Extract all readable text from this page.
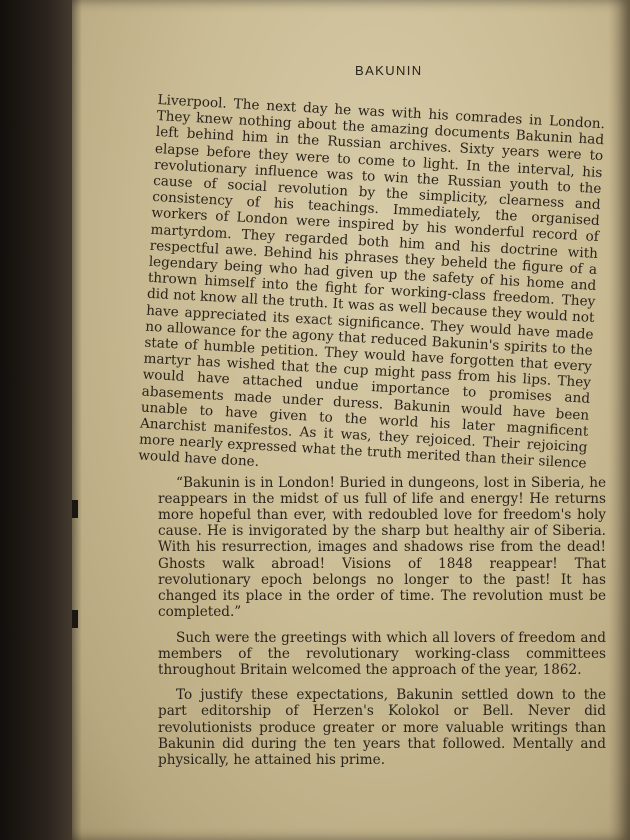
BAKUNIN

Liverpool. The next day he was with his comrades in London. They knew nothing about the amazing documents Bakunin had left behind him in the Russian archives. Sixty years were to elapse before they were to come to light. In the interval, his revolutionary influence was to win the Russian youth to the cause of social revolution by the simplicity, clearness and consistency of his teachings. Immediately, the organised workers of London were inspired by his wonderful record of martyrdom. They regarded both him and his doctrine with respectful awe. Behind his phrases they beheld the figure of a legendary being who had given up the safety of his home and thrown himself into the fight for working-class freedom. They did not know all the truth. It was as well because they would not have appreciated its exact significance. They would have made no allowance for the agony that reduced Bakunin's spirits to the state of humble petition. They would have forgotten that every martyr has wished that the cup might pass from his lips. They would have attached undue importance to promises and abasements made under duress. Bakunin would have been unable to have given to the world his later magnificent Anarchist manifestos. As it was, they rejoiced. Their rejoicing more nearly expressed what the truth merited than their silence would have done.

“Bakunin is in London! Buried in dungeons, lost in Siberia, he reappears in the midst of us full of life and energy! He returns more hopeful than ever, with redoubled love for freedom's holy cause. He is invigorated by the sharp but healthy air of Siberia. With his resurrection, images and shadows rise from the dead! Ghosts walk abroad! Visions of 1848 reappear! That revolutionary epoch belongs no longer to the past! It has changed its place in the order of time. The revolution must be completed.”

Such were the greetings with which all lovers of freedom and members of the revolutionary working-class committees throughout Britain welcomed the approach of the year, 1862.

To justify these expectations, Bakunin settled down to the part editorship of Herzen's Kolokol or Bell. Never did revolutionists produce greater or more valuable writings than Bakunin did during the ten years that followed. Mentally and physically, he attained his prime.
